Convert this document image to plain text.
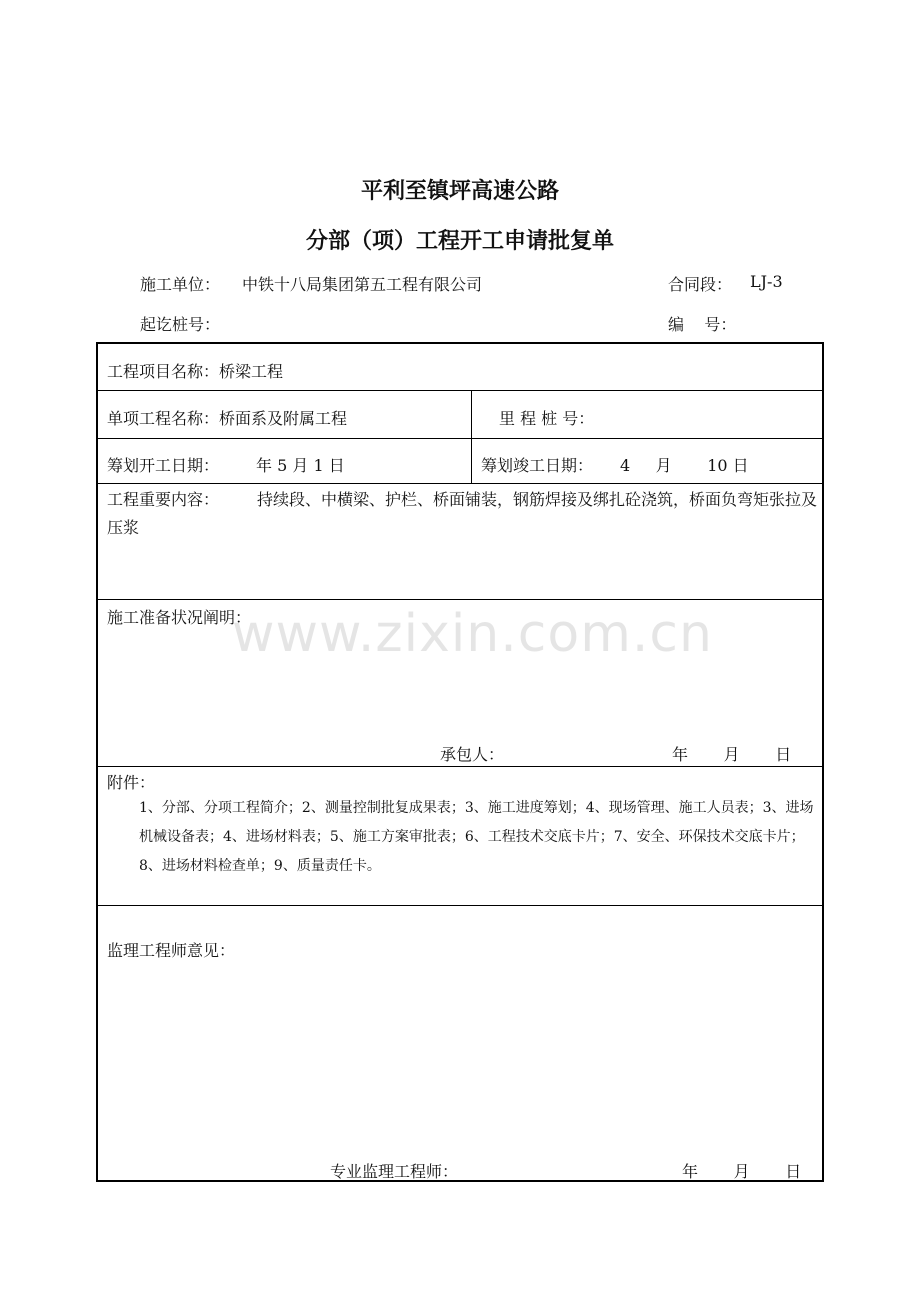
平利至镇坪高速公路
分部（项）工程开工申请批复单
施工单位： 中铁十八局集团第五工程有限公司	合同段： LJ-3
起讫桩号：	编    号：
工程项目名称：桥梁工程
单项工程名称：桥面系及附属工程	里 程 桩 号：
筹划开工日期： 年 5 月 1 日	筹划竣工日期： 4     月       10 日
工程重要内容： 持续段、中横梁、护栏、桥面铺装，钢筋焊接及绑扎砼浇筑，桥面负弯矩张拉及压浆
施工准备状况阐明：
承包人：	年       月       日
附件：
1、分部、分项工程简介；2、测量控制批复成果表；3、施工进度筹划；4、现场管理、施工人员表；3、进场机械设备表；4、进场材料表；5、施工方案审批表；6、工程技术交底卡片；7、安全、环保技术交底卡片；8、进场材料检查单；9、质量责任卡。
监理工程师意见：
专业监理工程师：	年       月       日
www.zixin.com.cn
